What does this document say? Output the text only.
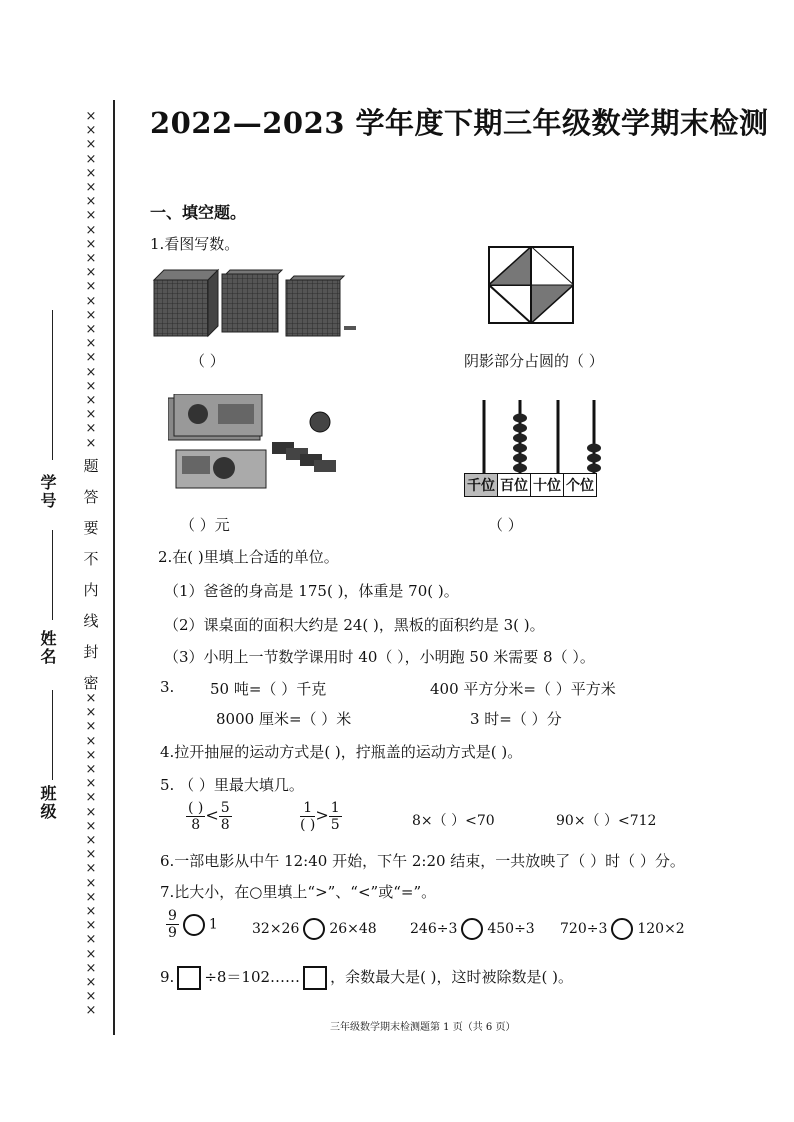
×
×
×
×
×
×
×
×
×
×
×
×
×
×
×
×
×
×
×
×
×
×
×
×
题
答
要
不
内
线
封
密
×
×
×
×
×
×
×
×
×
×
×
×
×
×
×
×
×
×
×
×
×
×
×
学号
姓名
班级
2022—2023 学年度下期三年级数学期末检测
一、填空题。
1.看图写数。
（ ）	阴影部分占圆的（ ）
（ ）元
千位	百位	十位	个位
（ ）
2.在( )里填上合适的单位。
（1）爸爸的身高是 175( )，体重是 70( )。
（2）课桌面的面积大约是 24( )，黑板的面积约是 3( )。
（3）小明上一节数学课用时 40（ ），小明跑 50 米需要 8（ ）。
3. 50 吨=（ ）千克	400 平方分米=（ ）平方米
8000 厘米=（ ）米	3 时=（ ）分
4.拉开抽屉的运动方式是( )，拧瓶盖的运动方式是( )。
5. （ ）里最大填几。
$\frac{( )}{8} < \frac{5}{8}$	$\frac{1}{( )} > \frac{1}{5}$	8×（ ）<70	90×（ ）<712
6.一部电影从中午 12:40 开始，下午 2:20 结束，一共放映了（ ）时（ ）分。
7.比大小，在○里填上“>”、“<”或“=”。
$\frac{9}{9} 1$ 32×26 26×48 246÷3 450÷3 720÷3 120×2
9. ÷8＝102…… ，余数最大是( )，这时被除数是( )。
三年级数学期末检测题第 1 页（共 6 页）
